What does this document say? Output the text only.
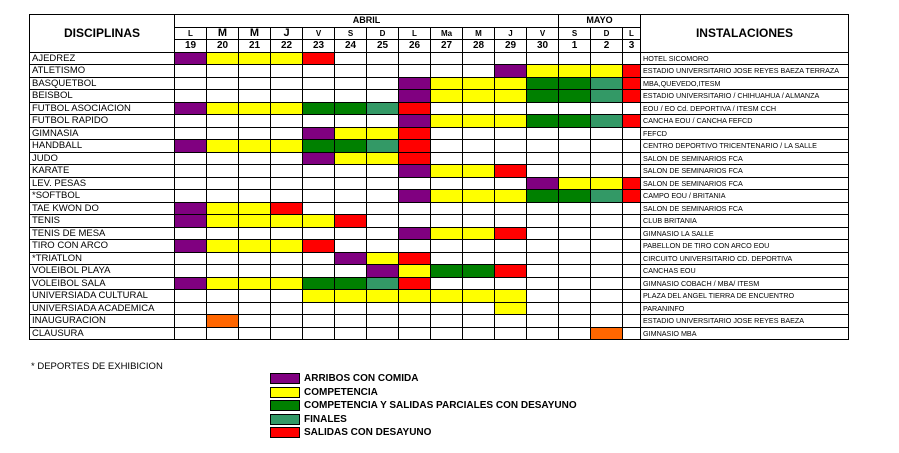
DISCIPLINAS	ABRIL												MAYO			INSTALACIONES
	L	M	M	J	V	S	D	L	Ma	M	J	V	S	D	L	
	19	20	21	22	23	24	25	26	27	28	29	30	1	2	3	
AJEDREZ																HOTEL SICOMORO
ATLETISMO																ESTADIO UNIVERSITARIO JOSE REYES BAEZA TERRAZA
BASQUETBOL																MBA,QUEVEDO,ITESM
BEISBOL																ESTADIO UNIVERSITARIO / CHIHUAHUA / ALMANZA
FUTBOL ASOCIACION																EOU / EO Cd. DEPORTIVA / ITESM CCH
FUTBOL RAPIDO																CANCHA EOU / CANCHA FEFCD
GIMNASIA																FEFCD
HANDBALL																CENTRO DEPORTIVO TRICENTENARIO / LA SALLE
JUDO																SALON DE SEMINARIOS FCA
KARATE																SALON DE SEMINARIOS FCA
LEV. PESAS																SALON DE SEMINARIOS FCA
*SOFTBOL																CAMPO EOU / BRITANIA
TAE KWON DO																SALON DE SEMINARIOS FCA
TENIS																CLUB BRITANIA
TENIS DE MESA																GIMNASIO LA SALLE
TIRO CON ARCO																PABELLON DE TIRO CON ARCO EOU
*TRIATLON																CIRCUITO UNIVERSITARIO CD. DEPORTIVA
VOLEIBOL PLAYA																CANCHAS EOU
VOLEIBOL SALA																GIMNASIO COBACH / MBA/ ITESM
UNIVERSIADA CULTURAL																PLAZA DEL ANGEL TIERRA DE ENCUENTRO
UNIVERSIADA ACADEMICA																PARANINFO
INAUGURACION																ESTADIO UNIVERSITARIO JOSE REYES BAEZA
CLAUSURA																GIMNASIO MBA
* DEPORTES DE EXHIBICION
ARRIBOS CON COMIDA
COMPETENCIA
COMPETENCIA Y SALIDAS PARCIALES CON DESAYUNO
FINALES
SALIDAS CON DESAYUNO
